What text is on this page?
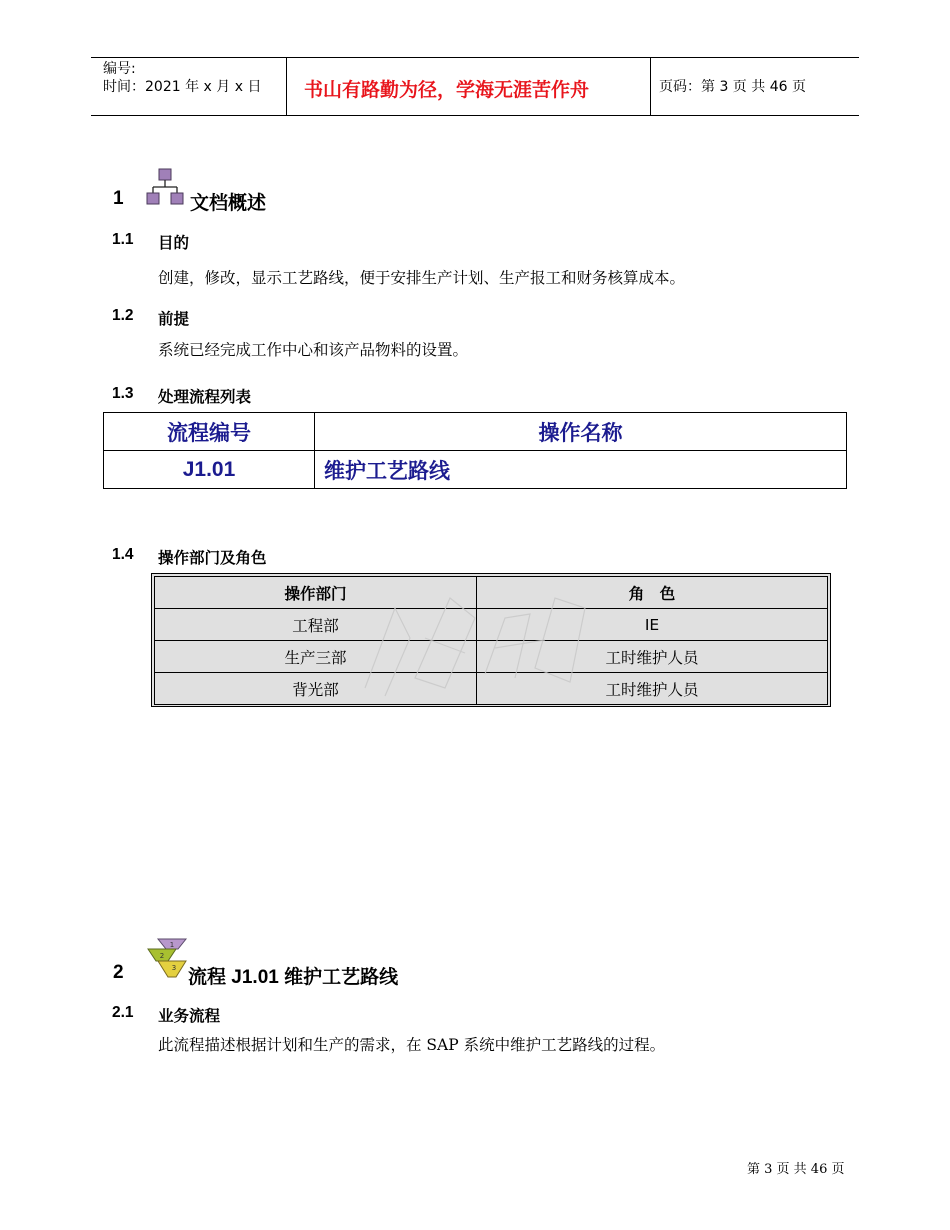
编号:
时间：2021 年 x 月 x 日 书山有路勤为径，学海无涯苦作舟	页码：第 3 页 共 46 页
1	文档概述
1.1 目的
创建，修改，显示工艺路线，便于安排生产计划、生产报工和财务核算成本。
1.2 前提
系统已经完成工作中心和该产品物料的设置。
1.3 处理流程列表
流程编号	操作名称
J1.01	维护工艺路线
1.4 操作部门及角色
操作部门	角　色
工程部	IE
生产三部	工时维护人员
背光部	工时维护人员
2
1
2
3 流程 J1.01 维护工艺路线
2.1 业务流程
此流程描述根据计划和生产的需求，在 SAP 系统中维护工艺路线的过程。
第 3 页 共 46 页
